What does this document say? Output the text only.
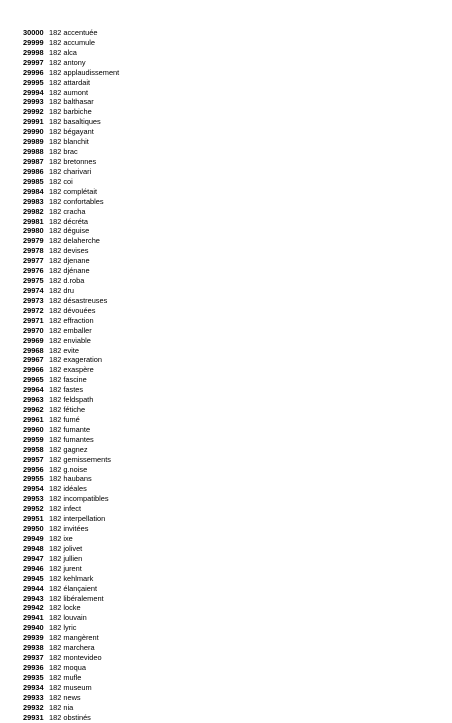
30000 182 accentuée
29999 182 accumule
29998 182 alca
29997 182 antony
29996 182 applaudissement
29995 182 attardait
29994 182 aumont
29993 182 balthasar
29992 182 barbiche
29991 182 basaltiques
29990 182 bégayant
29989 182 blanchit
29988 182 brac
29987 182 bretonnes
29986 182 charivari
29985 182 coi
29984 182 complétait
29983 182 confortables
29982 182 cracha
29981 182 décréta
29980 182 déguise
29979 182 delaherche
29978 182 devises
29977 182 djenane
29976 182 djénane
29975 182 d.roba
29974 182 dru
29973 182 désastreuses
29972 182 dévouées
29971 182 effraction
29970 182 emballer
29969 182 enviable
29968 182 evite
29967 182 exageration
29966 182 exaspère
29965 182 fascine
29964 182 fastes
29963 182 feldspath
29962 182 fétiche
29961 182 fumé
29960 182 fumante
29959 182 fumantes
29958 182 gagnez
29957 182 gemissements
29956 182 g.noise
29955 182 haubans
29954 182 idéales
29953 182 incompatibles
29952 182 infect
29951 182 interpellation
29950 182 invitées
29949 182 ixe
29948 182 jolivet
29947 182 jullien
29946 182 jurent
29945 182 kehlmark
29944 182 élançaient
29943 182 libéralement
29942 182 locke
29941 182 louvain
29940 182 lyric
29939 182 mangèrent
29938 182 marchera
29937 182 montevideo
29936 182 moqua
29935 182 mufle
29934 182 museum
29933 182 news
29932 182 nia
29931 182 obstinés
